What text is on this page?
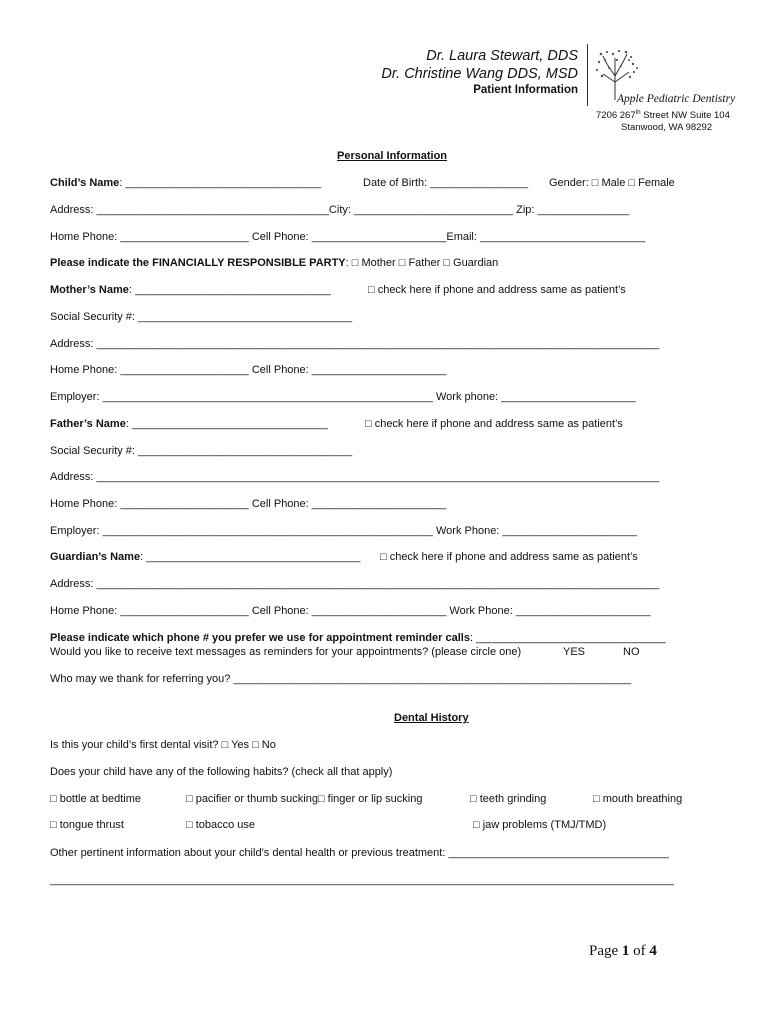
Dr. Laura Stewart, DDS
Dr. Christine Wang DDS, MSD
Patient Information
Apple Pediatric Dentistry
7206 267th Street NW Suite 104
Stanwood, WA 98292
Personal Information
Child’s Name: ________________________________	Date of Birth: ________________ Gender: □ Male □ Female
Address: ______________________________________City: __________________________ Zip: _______________
Home Phone: _____________________ Cell Phone: ______________________Email: ___________________________
Please indicate the FINANCIALLY RESPONSIBLE PARTY: □ Mother □ Father □ Guardian
Mother’s Name: ________________________________	□ check here if phone and address same as patient’s
Social Security #: ___________________________________
Address: ____________________________________________________________________________________________
Home Phone: _____________________ Cell Phone: ______________________
Employer: ______________________________________________________ Work phone: ______________________
Father’s Name: ________________________________	□ check here if phone and address same as patient’s
Social Security #: ___________________________________
Address: ____________________________________________________________________________________________
Home Phone: _____________________ Cell Phone: ______________________
Employer: ______________________________________________________ Work Phone: ______________________
Guardian’s Name: ___________________________________ □ check here if phone and address same as patient’s
Address: ____________________________________________________________________________________________
Home Phone: _____________________ Cell Phone: ______________________ Work Phone: ______________________
Please indicate which phone # you prefer we use for appointment reminder calls: _______________________________
Would you like to receive text messages as reminders for your appointments? (please circle one)	YES	NO
Who may we thank for referring you? _________________________________________________________________
Dental History
Is this your child’s first dental visit? □ Yes □ No
Does your child have any of the following habits? (check all that apply)
□ bottle at bedtime	□ pacifier or thumb sucking□ finger or lip sucking	□ teeth grinding	□ mouth breathing
□ tongue thrust	□ tobacco use	□ jaw problems (TMJ/TMD)
Other pertinent information about your child’s dental health or previous treatment: ____________________________________
______________________________________________________________________________________________________
Page 1 of 4
